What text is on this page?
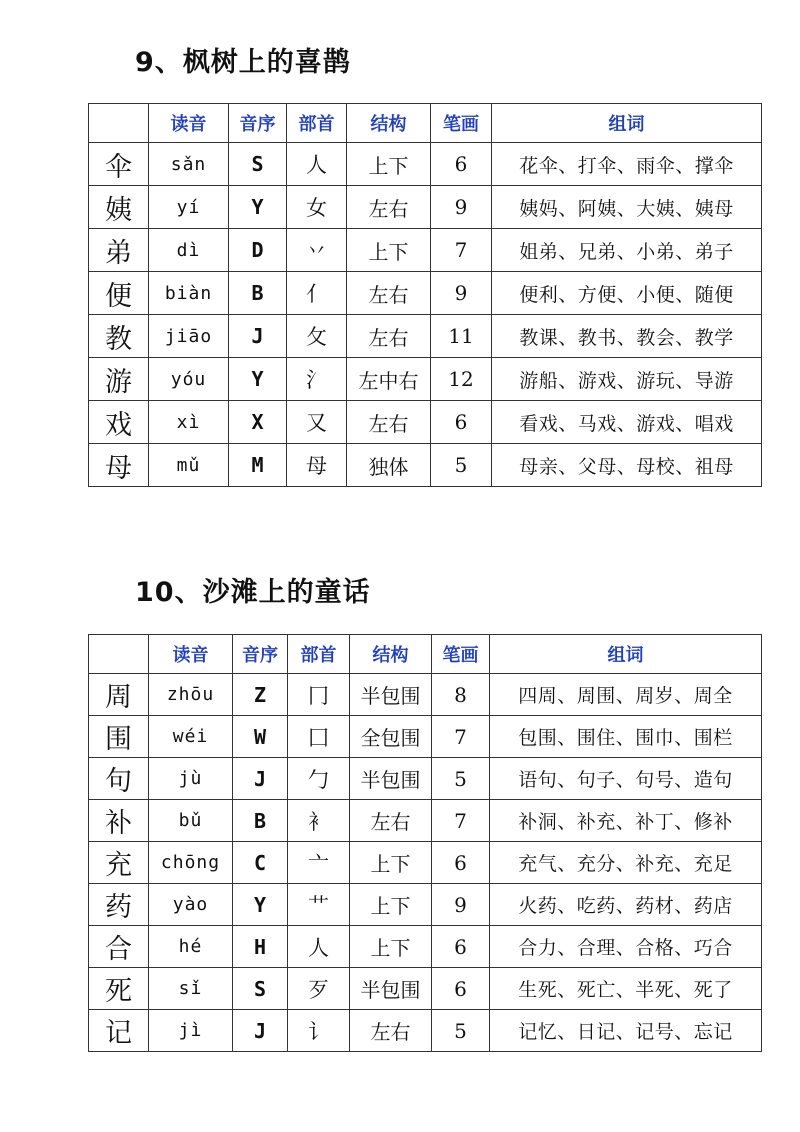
9、枫树上的喜鹊
	读音	音序	部首	结构	笔画	组词
伞	sǎn	S	人	上下	6	花伞、打伞、雨伞、撑伞
姨	yí	Y	女	左右	9	姨妈、阿姨、大姨、姨母
弟	dì	D	丷	上下	7	姐弟、兄弟、小弟、弟子
便	biàn	B	亻	左右	9	便利、方便、小便、随便
教	jiāo	J	攵	左右	11	教课、教书、教会、教学
游	yóu	Y	氵	左中右	12	游船、游戏、游玩、导游
戏	xì	X	又	左右	6	看戏、马戏、游戏、唱戏
母	mǔ	M	母	独体	5	母亲、父母、母校、祖母
10、沙滩上的童话
	读音	音序	部首	结构	笔画	组词
周	zhōu	Z	冂	半包围	8	四周、周围、周岁、周全
围	wéi	W	囗	全包围	7	包围、围住、围巾、围栏
句	jù	J	勹	半包围	5	语句、句子、句号、造句
补	bǔ	B	衤	左右	7	补洞、补充、补丁、修补
充	chōng	C	亠	上下	6	充气、充分、补充、充足
药	yào	Y	艹	上下	9	火药、吃药、药材、药店
合	hé	H	人	上下	6	合力、合理、合格、巧合
死	sǐ	S	歹	半包围	6	生死、死亡、半死、死了
记	jì	J	讠	左右	5	记忆、日记、记号、忘记
